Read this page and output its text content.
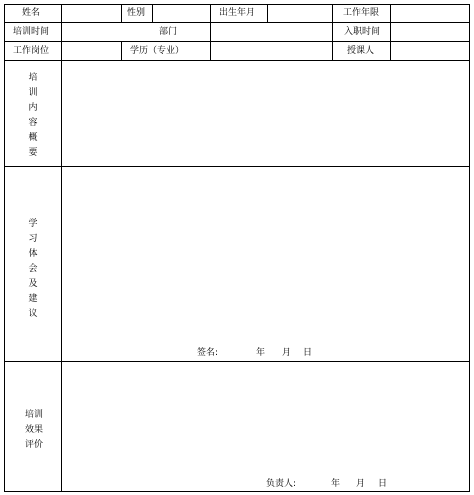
姓名	性别	出生年月	工作年限
培训时间	部门	入职时间
工作岗位	学历（专业）	授课人
培
训
内
容
概
要
学
习
体
会
及
建
议
签名:	年 月 日
培训
效果
评价
负责人:	年 月 日
